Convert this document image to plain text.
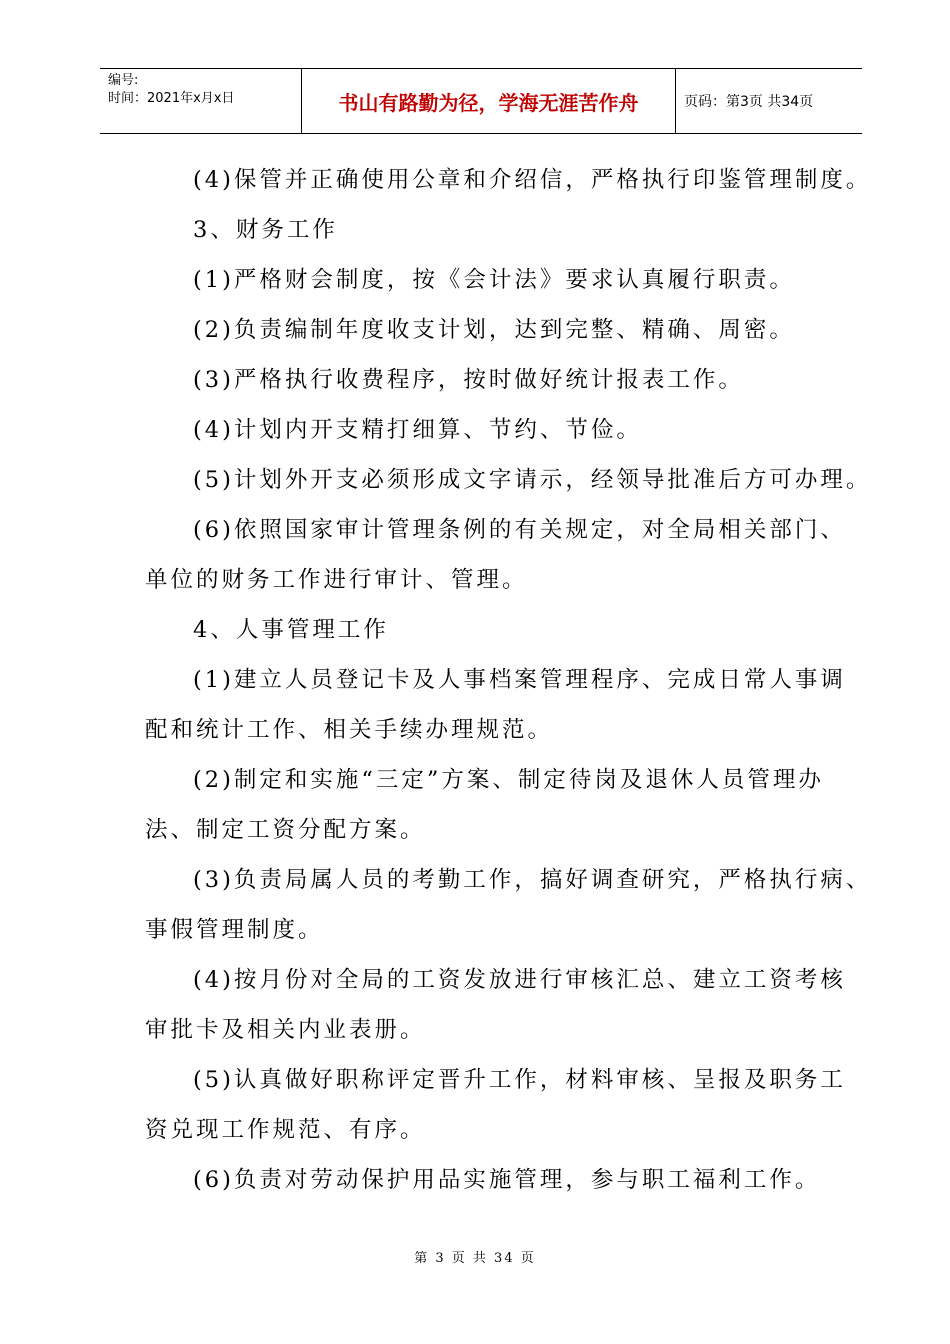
编号:
时间：2021年x月x日	书山有路勤为径，学海无涯苦作舟	页码：第3页 共34页
(4)保管并正确使用公章和介绍信，严格执行印鉴管理制度。
3、财务工作
(1)严格财会制度，按《会计法》要求认真履行职责。
(2)负责编制年度收支计划，达到完整、精确、周密。
(3)严格执行收费程序，按时做好统计报表工作。
(4)计划内开支精打细算、节约、节俭。
(5)计划外开支必须形成文字请示，经领导批准后方可办理。
(6)依照国家审计管理条例的有关规定，对全局相关部门、
单位的财务工作进行审计、管理。
4、人事管理工作
(1)建立人员登记卡及人事档案管理程序、完成日常人事调
配和统计工作、相关手续办理规范。
(2)制定和实施“三定”方案、制定待岗及退休人员管理办
法、制定工资分配方案。
(3)负责局属人员的考勤工作，搞好调查研究，严格执行病、
事假管理制度。
(4)按月份对全局的工资发放进行审核汇总、建立工资考核
审批卡及相关内业表册。
(5)认真做好职称评定晋升工作，材料审核、呈报及职务工
资兑现工作规范、有序。
(6)负责对劳动保护用品实施管理，参与职工福利工作。
第 3 页 共 34 页
